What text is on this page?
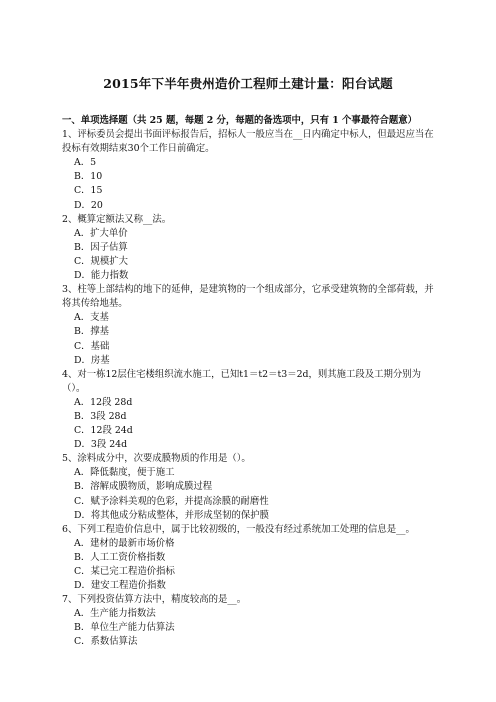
2015年下半年贵州造价工程师土建计量：阳台试题
一、单项选择题（共 25 题，每题 2 分，每题的备选项中，只有 1 个事最符合题意）
1、评标委员会提出书面评标报告后，招标人一般应当在__日内确定中标人，但最迟应当在投标有效期结束30个工作日前确定。
A．5
B．10
C．15
D．20
2、概算定额法又称__法。
A．扩大单价
B．因子估算
C．规模扩大
D．能力指数
3、柱等上部结构的地下的延伸，是建筑物的一个组成部分，它承受建筑物的全部荷载，并将其传给地基。
A．支基
B．撑基
C．基础
D．房基
4、对一栋12层住宅楼组织流水施工，已知t1＝t2＝t3＝2d，则其施工段及工期分别为（）。
A．12段 28d
B．3段 28d
C．12段 24d
D．3段 24d
5、涂料成分中，次要成膜物质的作用是（）。
A．降低黏度，便于施工
B．溶解成膜物质，影响成膜过程
C．赋予涂料美观的色彩，并提高涂膜的耐磨性
D．将其他成分粘成整体，并形成坚韧的保护膜
6、下列工程造价信息中，属于比较初级的，一般没有经过系统加工处理的信息是__。
A．建材的最新市场价格
B．人工工资价格指数
C．某已完工程造价指标
D．建安工程造价指数
7、下列投资估算方法中，精度较高的是__。
A．生产能力指数法
B．单位生产能力估算法
C．系数估算法
